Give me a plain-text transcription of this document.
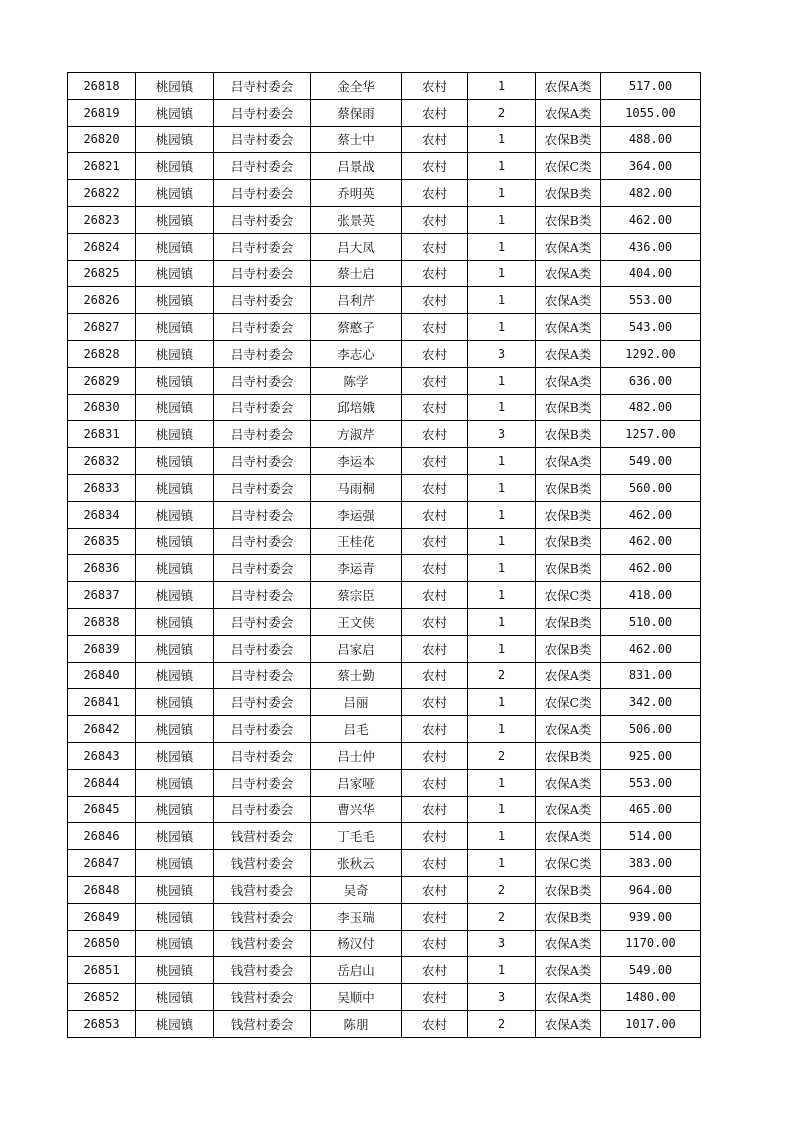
26818	桃园镇	吕寺村委会	金全华	农村	1	农保A类	517.00
26819	桃园镇	吕寺村委会	蔡保雨	农村	2	农保A类	1055.00
26820	桃园镇	吕寺村委会	蔡士中	农村	1	农保B类	488.00
26821	桃园镇	吕寺村委会	吕景战	农村	1	农保C类	364.00
26822	桃园镇	吕寺村委会	乔明英	农村	1	农保B类	482.00
26823	桃园镇	吕寺村委会	张景英	农村	1	农保B类	462.00
26824	桃园镇	吕寺村委会	吕大凤	农村	1	农保A类	436.00
26825	桃园镇	吕寺村委会	蔡士启	农村	1	农保A类	404.00
26826	桃园镇	吕寺村委会	吕利芹	农村	1	农保A类	553.00
26827	桃园镇	吕寺村委会	蔡憨子	农村	1	农保A类	543.00
26828	桃园镇	吕寺村委会	李志心	农村	3	农保A类	1292.00
26829	桃园镇	吕寺村委会	陈学	农村	1	农保A类	636.00
26830	桃园镇	吕寺村委会	邱培娥	农村	1	农保B类	482.00
26831	桃园镇	吕寺村委会	方淑芹	农村	3	农保B类	1257.00
26832	桃园镇	吕寺村委会	李运本	农村	1	农保A类	549.00
26833	桃园镇	吕寺村委会	马雨桐	农村	1	农保B类	560.00
26834	桃园镇	吕寺村委会	李运强	农村	1	农保B类	462.00
26835	桃园镇	吕寺村委会	王桂花	农村	1	农保B类	462.00
26836	桃园镇	吕寺村委会	李运青	农村	1	农保B类	462.00
26837	桃园镇	吕寺村委会	蔡宗臣	农村	1	农保C类	418.00
26838	桃园镇	吕寺村委会	王文侠	农村	1	农保B类	510.00
26839	桃园镇	吕寺村委会	吕家启	农村	1	农保B类	462.00
26840	桃园镇	吕寺村委会	蔡士勤	农村	2	农保A类	831.00
26841	桃园镇	吕寺村委会	吕丽	农村	1	农保C类	342.00
26842	桃园镇	吕寺村委会	吕毛	农村	1	农保A类	506.00
26843	桃园镇	吕寺村委会	吕士仲	农村	2	农保B类	925.00
26844	桃园镇	吕寺村委会	吕家哑	农村	1	农保A类	553.00
26845	桃园镇	吕寺村委会	曹兴华	农村	1	农保A类	465.00
26846	桃园镇	钱营村委会	丁毛毛	农村	1	农保A类	514.00
26847	桃园镇	钱营村委会	张秋云	农村	1	农保C类	383.00
26848	桃园镇	钱营村委会	吴奇	农村	2	农保B类	964.00
26849	桃园镇	钱营村委会	李玉瑞	农村	2	农保B类	939.00
26850	桃园镇	钱营村委会	杨汉付	农村	3	农保A类	1170.00
26851	桃园镇	钱营村委会	岳启山	农村	1	农保A类	549.00
26852	桃园镇	钱营村委会	吴顺中	农村	3	农保A类	1480.00
26853	桃园镇	钱营村委会	陈朋	农村	2	农保A类	1017.00
